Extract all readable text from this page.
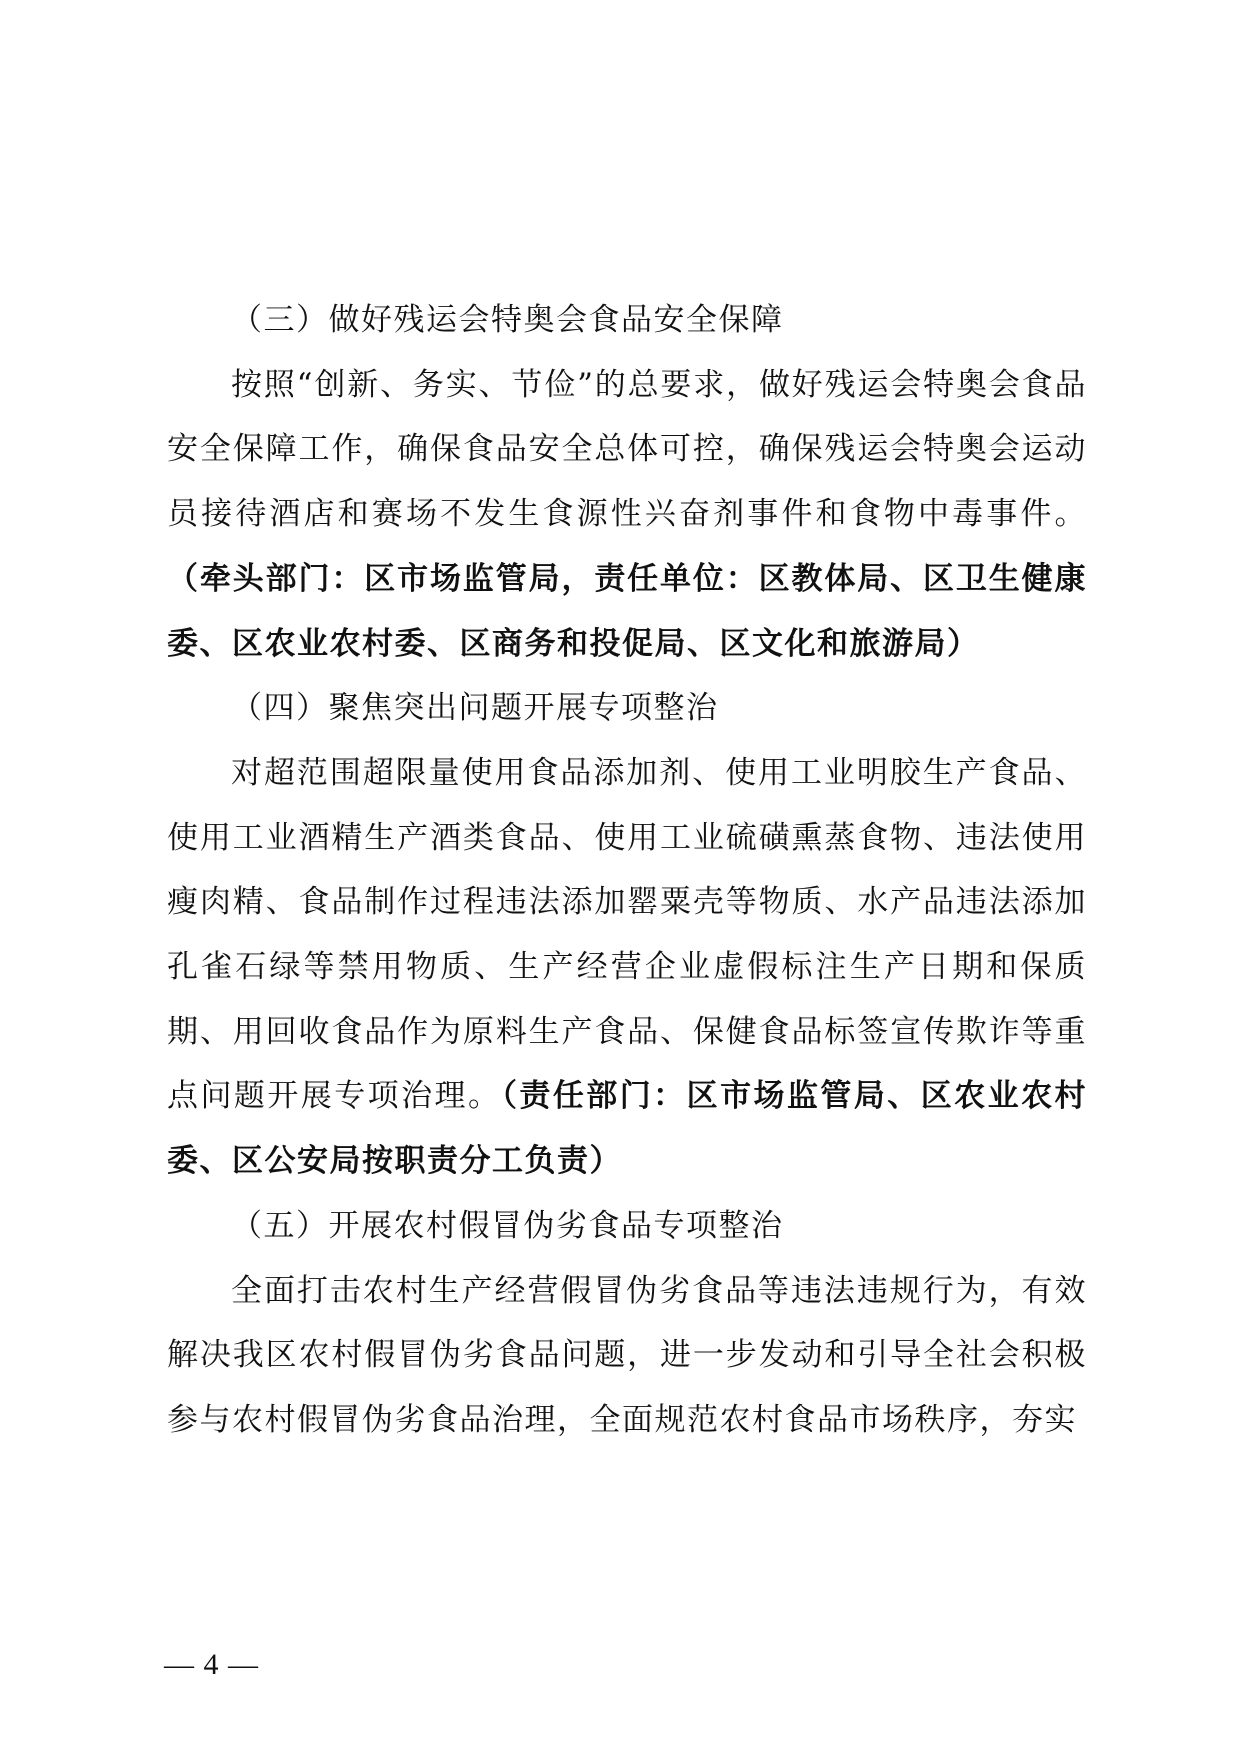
（三）做好残运会特奥会食品安全保障

按照“创新、务实、节俭”的总要求，做好残运会特奥会食品安全保障工作，确保食品安全总体可控，确保残运会特奥会运动员接待酒店和赛场不发生食源性兴奋剂事件和食物中毒事件。（牵头部门：区市场监管局，责任单位：区教体局、区卫生健康委、区农业农村委、区商务和投促局、区文化和旅游局）

（四）聚焦突出问题开展专项整治

对超范围超限量使用食品添加剂、使用工业明胶生产食品、使用工业酒精生产酒类食品、使用工业硫磺熏蒸食物、违法使用瘦肉精、食品制作过程违法添加罂粟壳等物质、水产品违法添加孔雀石绿等禁用物质、生产经营企业虚假标注生产日期和保质期、用回收食品作为原料生产食品、保健食品标签宣传欺诈等重点问题开展专项治理。（责任部门：区市场监管局、区农业农村委、区公安局按职责分工负责）

（五）开展农村假冒伪劣食品专项整治

全面打击农村生产经营假冒伪劣食品等违法违规行为，有效解决我区农村假冒伪劣食品问题，进一步发动和引导全社会积极参与农村假冒伪劣食品治理，全面规范农村食品市场秩序，夯实

— 4 —
